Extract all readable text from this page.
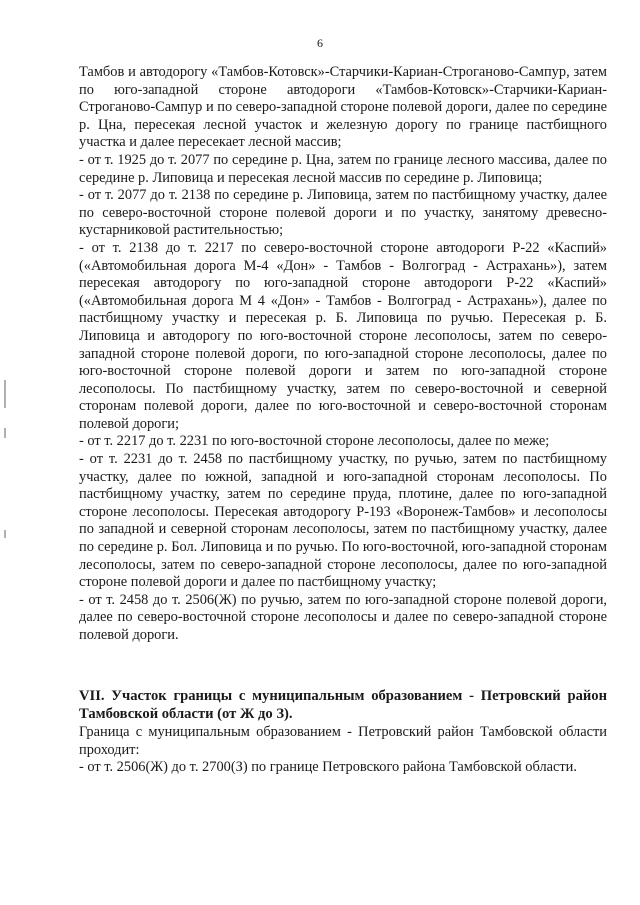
6

Тамбов и автодорогу «Тамбов-Котовск»-Старчики-Кариан-Строганово-Сампур, затем по юго-западной стороне автодороги «Тамбов-Котовск»-Старчики-Кариан-Строганово-Сампур и по северо-западной стороне полевой дороги, далее по середине р. Цна, пересекая лесной участок и железную дорогу по границе пастбищного участка и далее пересекает лесной массив;

- от т. 1925 до т. 2077 по середине р. Цна, затем по границе лесного массива, далее по середине р. Липовица и пересекая лесной массив по середине р. Липовица;

- от т. 2077 до т. 2138 по середине р. Липовица, затем по пастбищному участку, далее по северо-восточной стороне полевой дороги и по участку, занятому древесно-кустарниковой растительностью;

- от т. 2138 до т. 2217 по северо-восточной стороне автодороги Р-22 «Каспий» («Автомобильная дорога М-4 «Дон» - Тамбов - Волгоград - Астрахань»), затем пересекая автодорогу по юго-западной стороне автодороги Р-22 «Каспий» («Автомобильная дорога М 4 «Дон» - Тамбов - Волгоград - Астрахань»), далее по пастбищному участку и пересекая р. Б. Липовица по ручью. Пересекая р. Б. Липовица и автодорогу по юго-восточной стороне лесополосы, затем по северо-западной стороне полевой дороги, по юго-западной стороне лесополосы, далее по юго-восточной стороне полевой дороги и затем по юго-западной стороне лесополосы. По пастбищному участку, затем по северо-восточной и северной сторонам полевой дороги, далее по юго-восточной и северо-восточной сторонам полевой дороги;

- от т. 2217 до т. 2231 по юго-восточной стороне лесополосы, далее по меже;

- от т. 2231 до т. 2458 по пастбищному участку, по ручью, затем по пастбищному участку, далее по южной, западной и юго-западной сторонам лесополосы. По пастбищному участку, затем по середине пруда, плотине, далее по юго-западной стороне лесополосы. Пересекая автодорогу Р-193 «Воронеж-Тамбов» и лесополосы по западной и северной сторонам лесополосы, затем по пастбищному участку, далее по середине р. Бол. Липовица и по ручью. По юго-восточной, юго-западной сторонам лесополосы, затем по северо-западной стороне лесополосы, далее по юго-западной стороне полевой дороги и далее по пастбищному участку;

- от т. 2458 до т. 2506(Ж) по ручью, затем по юго-западной стороне полевой дороги, далее по северо-восточной стороне лесополосы и далее по северо-западной стороне полевой дороги.

VII. Участок границы с муниципальным образованием - Петровский район Тамбовской области (от Ж до З).

Граница с муниципальным образованием - Петровский район Тамбовской области проходит:

- от т. 2506(Ж) до т. 2700(З) по границе Петровского района Тамбовской области.
